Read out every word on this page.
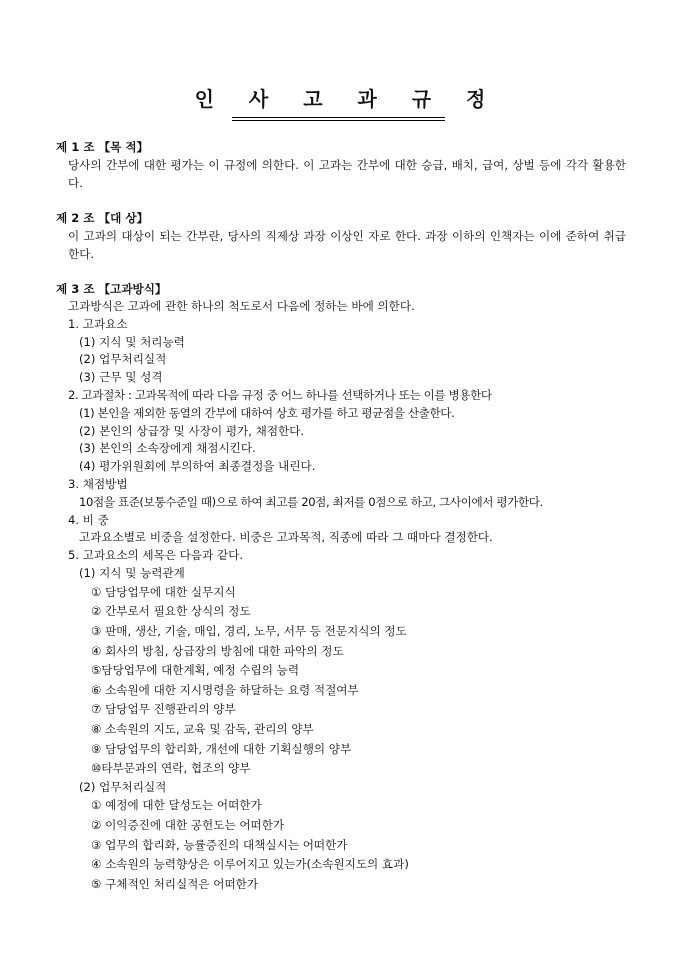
인 사 고 과 규 정
제 1 조 【목 적】
당사의 간부에 대한 평가는 이 규정에 의한다. 이 고과는 간부에 대한 승급, 배치, 급여, 상벌 등에 각각 활용한다.
제 2 조 【대 상】
이 고과의 대상이 되는 간부란, 당사의 직제상 과장 이상인 자로 한다. 과장 이하의 인책자는 이에 준하여 취급한다.
제 3 조 【고과방식】
고과방식은 고과에 관한 하나의 척도로서 다음에 정하는 바에 의한다.
1. 고과요소
(1) 지식 및 처리능력
(2) 업무처리실적
(3) 근무 및 성격
2. 고과절차 : 고과목적에 따라 다음 규정 중 어느 하나를 선택하거나 또는 이를 병용한다
(1) 본인을 제외한 동열의 간부에 대하여 상호 평가를 하고 평균점을 산출한다.
(2) 본인의 상급장 및 사장이 평가, 채점한다.
(3) 본인의 소속장에게 채점시킨다.
(4) 평가위원회에 부의하여 최종결정을 내린다.
3. 채점방법
10점을 표준(보통수준일 때)으로 하여 최고를 20점, 최저를 0점으로 하고, 그사이에서 평가한다.
4. 비 중
고과요소별로 비중을 설정한다. 비중은 고과목적, 직종에 따라 그 때마다 결정한다.
5. 고과요소의 세목은 다음과 같다.
(1) 지식 및 능력관계
① 담당업무에 대한 실무지식
② 간부로서 필요한 상식의 정도
③ 판매, 생산, 기술, 매입, 경리, 노무, 서무 등 전문지식의 정도
④ 회사의 방침, 상급장의 방침에 대한 파악의 정도
⑤담당업무에 대한계획, 예정 수립의 능력
⑥ 소속원에 대한 지시명령을 하달하는 요령 적절여부
⑦ 담당업무 진행관리의 양부
⑧ 소속원의 지도, 교육 및 감독, 관리의 양부
⑨ 담당업무의 합리화, 개선에 대한 기획실행의 양부
⑩타부문과의 연락, 협조의 양부
(2) 업무처리실적
① 예정에 대한 달성도는 어떠한가
② 이익증진에 대한 공헌도는 어떠한가
③ 업무의 합리화, 능률증진의 대책실시는 어떠한가
④ 소속원의 능력향상은 이루어지고 있는가(소속원지도의 효과)
⑤ 구체적인 처리실적은 어떠한가
